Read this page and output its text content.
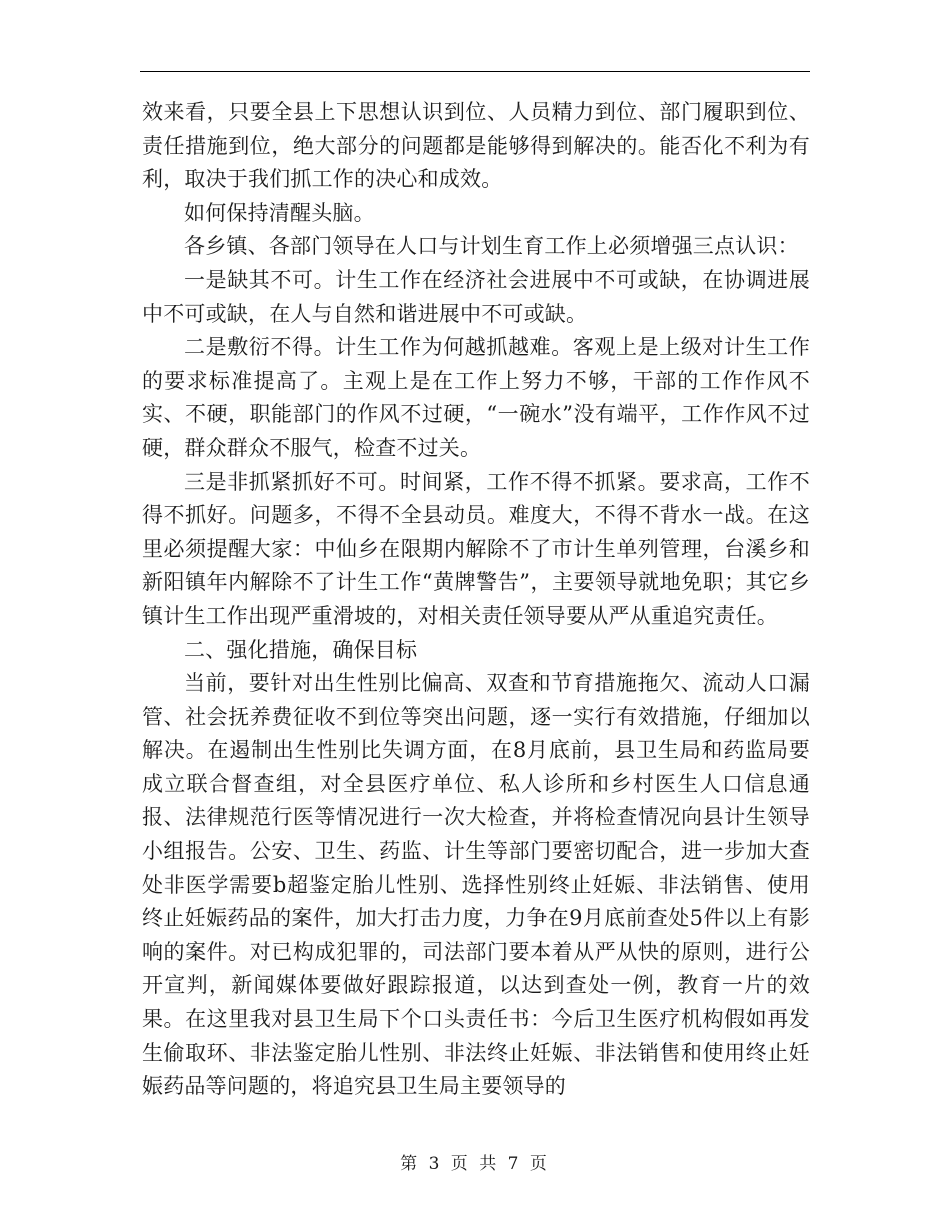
效来看，只要全县上下思想认识到位、人员精力到位、部门履职到位、责任措施到位，绝大部分的问题都是能够得到解决的。能否化不利为有利，取决于我们抓工作的决心和成效。

如何保持清醒头脑。

各乡镇、各部门领导在人口与计划生育工作上必须增强三点认识：

一是缺其不可。计生工作在经济社会进展中不可或缺，在协调进展中不可或缺，在人与自然和谐进展中不可或缺。

二是敷衍不得。计生工作为何越抓越难。客观上是上级对计生工作的要求标准提高了。主观上是在工作上努力不够，干部的工作作风不实、不硬，职能部门的作风不过硬，“一碗水”没有端平，工作作风不过硬，群众群众不服气，检查不过关。

三是非抓紧抓好不可。时间紧，工作不得不抓紧。要求高，工作不得不抓好。问题多，不得不全县动员。难度大，不得不背水一战。在这里必须提醒大家：中仙乡在限期内解除不了市计生单列管理，台溪乡和新阳镇年内解除不了计生工作“黄牌警告”，主要领导就地免职；其它乡镇计生工作出现严重滑坡的，对相关责任领导要从严从重追究责任。

二、强化措施，确保目标

当前，要针对出生性别比偏高、双查和节育措施拖欠、流动人口漏管、社会抚养费征收不到位等突出问题，逐一实行有效措施，仔细加以解决。在遏制出生性别比失调方面，在8月底前，县卫生局和药监局要成立联合督查组，对全县医疗单位、私人诊所和乡村医生人口信息通报、法律规范行医等情况进行一次大检查，并将检查情况向县计生领导小组报告。公安、卫生、药监、计生等部门要密切配合，进一步加大查处非医学需要b超鉴定胎儿性别、选择性别终止妊娠、非法销售、使用终止妊娠药品的案件，加大打击力度，力争在9月底前查处5件以上有影响的案件。对已构成犯罪的，司法部门要本着从严从快的原则，进行公开宣判，新闻媒体要做好跟踪报道，以达到查处一例，教育一片的效果。在这里我对县卫生局下个口头责任书：今后卫生医疗机构假如再发生偷取环、非法鉴定胎儿性别、非法终止妊娠、非法销售和使用终止妊娠药品等问题的，将追究县卫生局主要领导的

第 3 页 共 7 页
